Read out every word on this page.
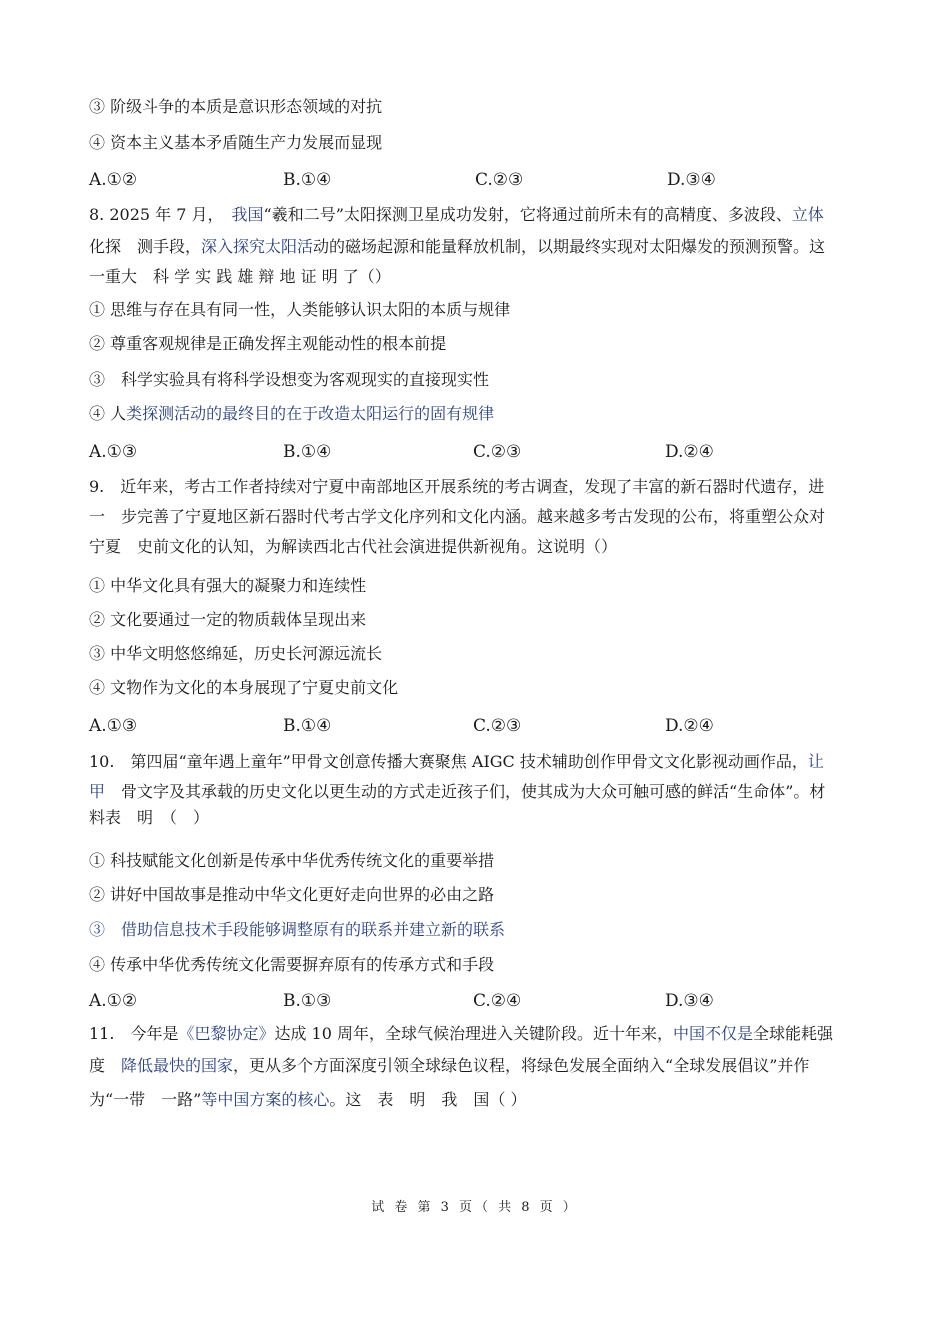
③ 阶级斗争的本质是意识形态领域的对抗
④ 资本主义基本矛盾随生产力发展而显现
A.①②	B.①④	C.②③	D.③④
8. 2025 年 7 月，　我国“羲和二号”太阳探测卫星成功发射，它将通过前所未有的高精度、多波段、立体
化探　测手段，深入探究太阳活动的磁场起源和能量释放机制，以期最终实现对太阳爆发的预测预警。这
一重大　科 学 实 践 雄 辩 地 证 明 了（）
① 思维与存在具有同一性，人类能够认识太阳的本质与规律
② 尊重客观规律是正确发挥主观能动性的根本前提
③　科学实验具有将科学设想变为客观现实的直接现实性
④ 人类探测活动的最终目的在于改造太阳运行的固有规律
A.①③	B.①④	C.②③	D.②④
9.　近年来，考古工作者持续对宁夏中南部地区开展系统的考古调查，发现了丰富的新石器时代遗存，进
一　步完善了宁夏地区新石器时代考古学文化序列和文化内涵。越来越多考古发现的公布，将重塑公众对
宁夏　史前文化的认知，为解读西北古代社会演进提供新视角。这说明（）
① 中华文化具有强大的凝聚力和连续性
② 文化要通过一定的物质载体呈现出来
③ 中华文明悠悠绵延，历史长河源远流长
④ 文物作为文化的本身展现了宁夏史前文化
A.①③	B.①④	C.②③	D.②④
10.　第四届“童年遇上童年”甲骨文创意传播大赛聚焦 AIGC 技术辅助创作甲骨文文化影视动画作品，让
甲　骨文字及其承载的历史文化以更生动的方式走近孩子们，使其成为大众可触可感的鲜活“生命体”。材
料表　明　（　）
① 科技赋能文化创新是传承中华优秀传统文化的重要举措
② 讲好中国故事是推动中华文化更好走向世界的必由之路
③　借助信息技术手段能够调整原有的联系并建立新的联系
④ 传承中华优秀传统文化需要摒弃原有的传承方式和手段
A.①②	B.①③	C.②④	D.③④
11.　今年是《巴黎协定》达成 10 周年，全球气候治理进入关键阶段。近十年来，中国不仅是全球能耗强
度　降低最快的国家，更从多个方面深度引领全球绿色议程，将绿色发展全面纳入“全球发展倡议”并作
为“一带　一路”等中国方案的核心。这　表　明　我　国（ ）
试 卷 第 3 页（ 共 8 页 ）
